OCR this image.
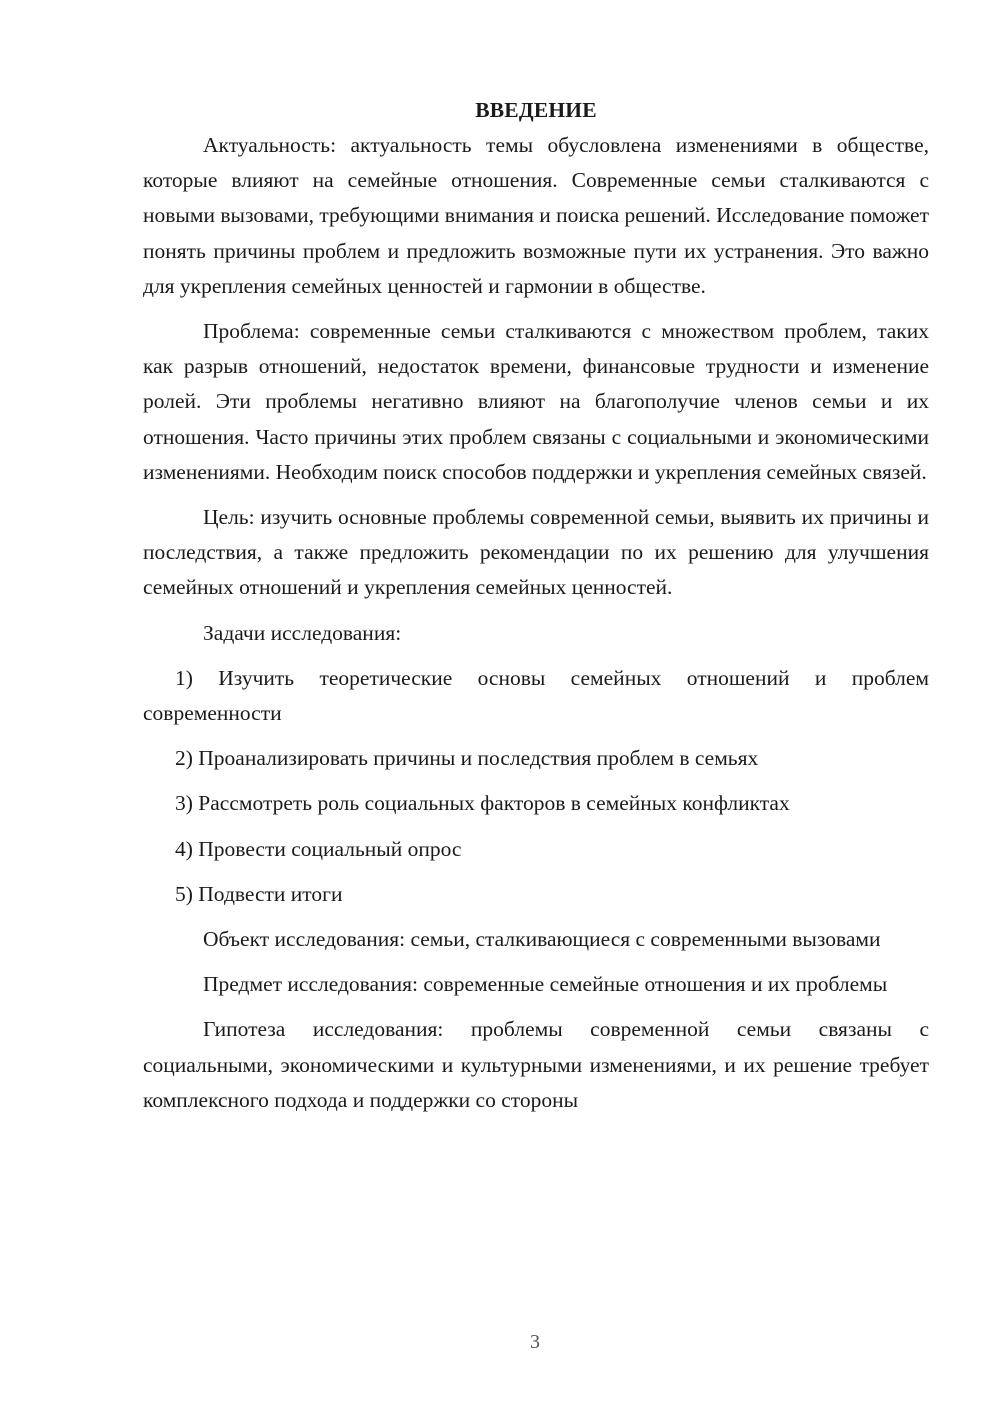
ВВЕДЕНИЕ

Актуальность: актуальность темы обусловлена изменениями в обществе, которые влияют на семейные отношения. Современные семьи сталкиваются с новыми вызовами, требующими внимания и поиска решений. Исследование поможет понять причины проблем и предложить возможные пути их устранения. Это важно для укрепления семейных ценностей и гармонии в обществе.

Проблема: современные семьи сталкиваются с множеством проблем, таких как разрыв отношений, недостаток времени, финансовые трудности и изменение ролей. Эти проблемы негативно влияют на благополучие членов семьи и их отношения. Часто причины этих проблем связаны с социальными и экономическими изменениями. Необходим поиск способов поддержки и укрепления семейных связей.

Цель: изучить основные проблемы современной семьи, выявить их причины и последствия, а также предложить рекомендации по их решению для улучшения семейных отношений и укрепления семейных ценностей.

Задачи исследования:

1) Изучить теоретические основы семейных отношений и проблем современности

2) Проанализировать причины и последствия проблем в семьях

3) Рассмотреть роль социальных факторов в семейных конфликтах

4) Провести социальный опрос

5) Подвести итоги

Объект исследования: семьи, сталкивающиеся с современными вызовами

Предмет исследования: современные семейные отношения и их проблемы

Гипотеза исследования: проблемы современной семьи связаны с социальными, экономическими и культурными изменениями, и их решение требует комплексного подхода и поддержки со стороны

3
